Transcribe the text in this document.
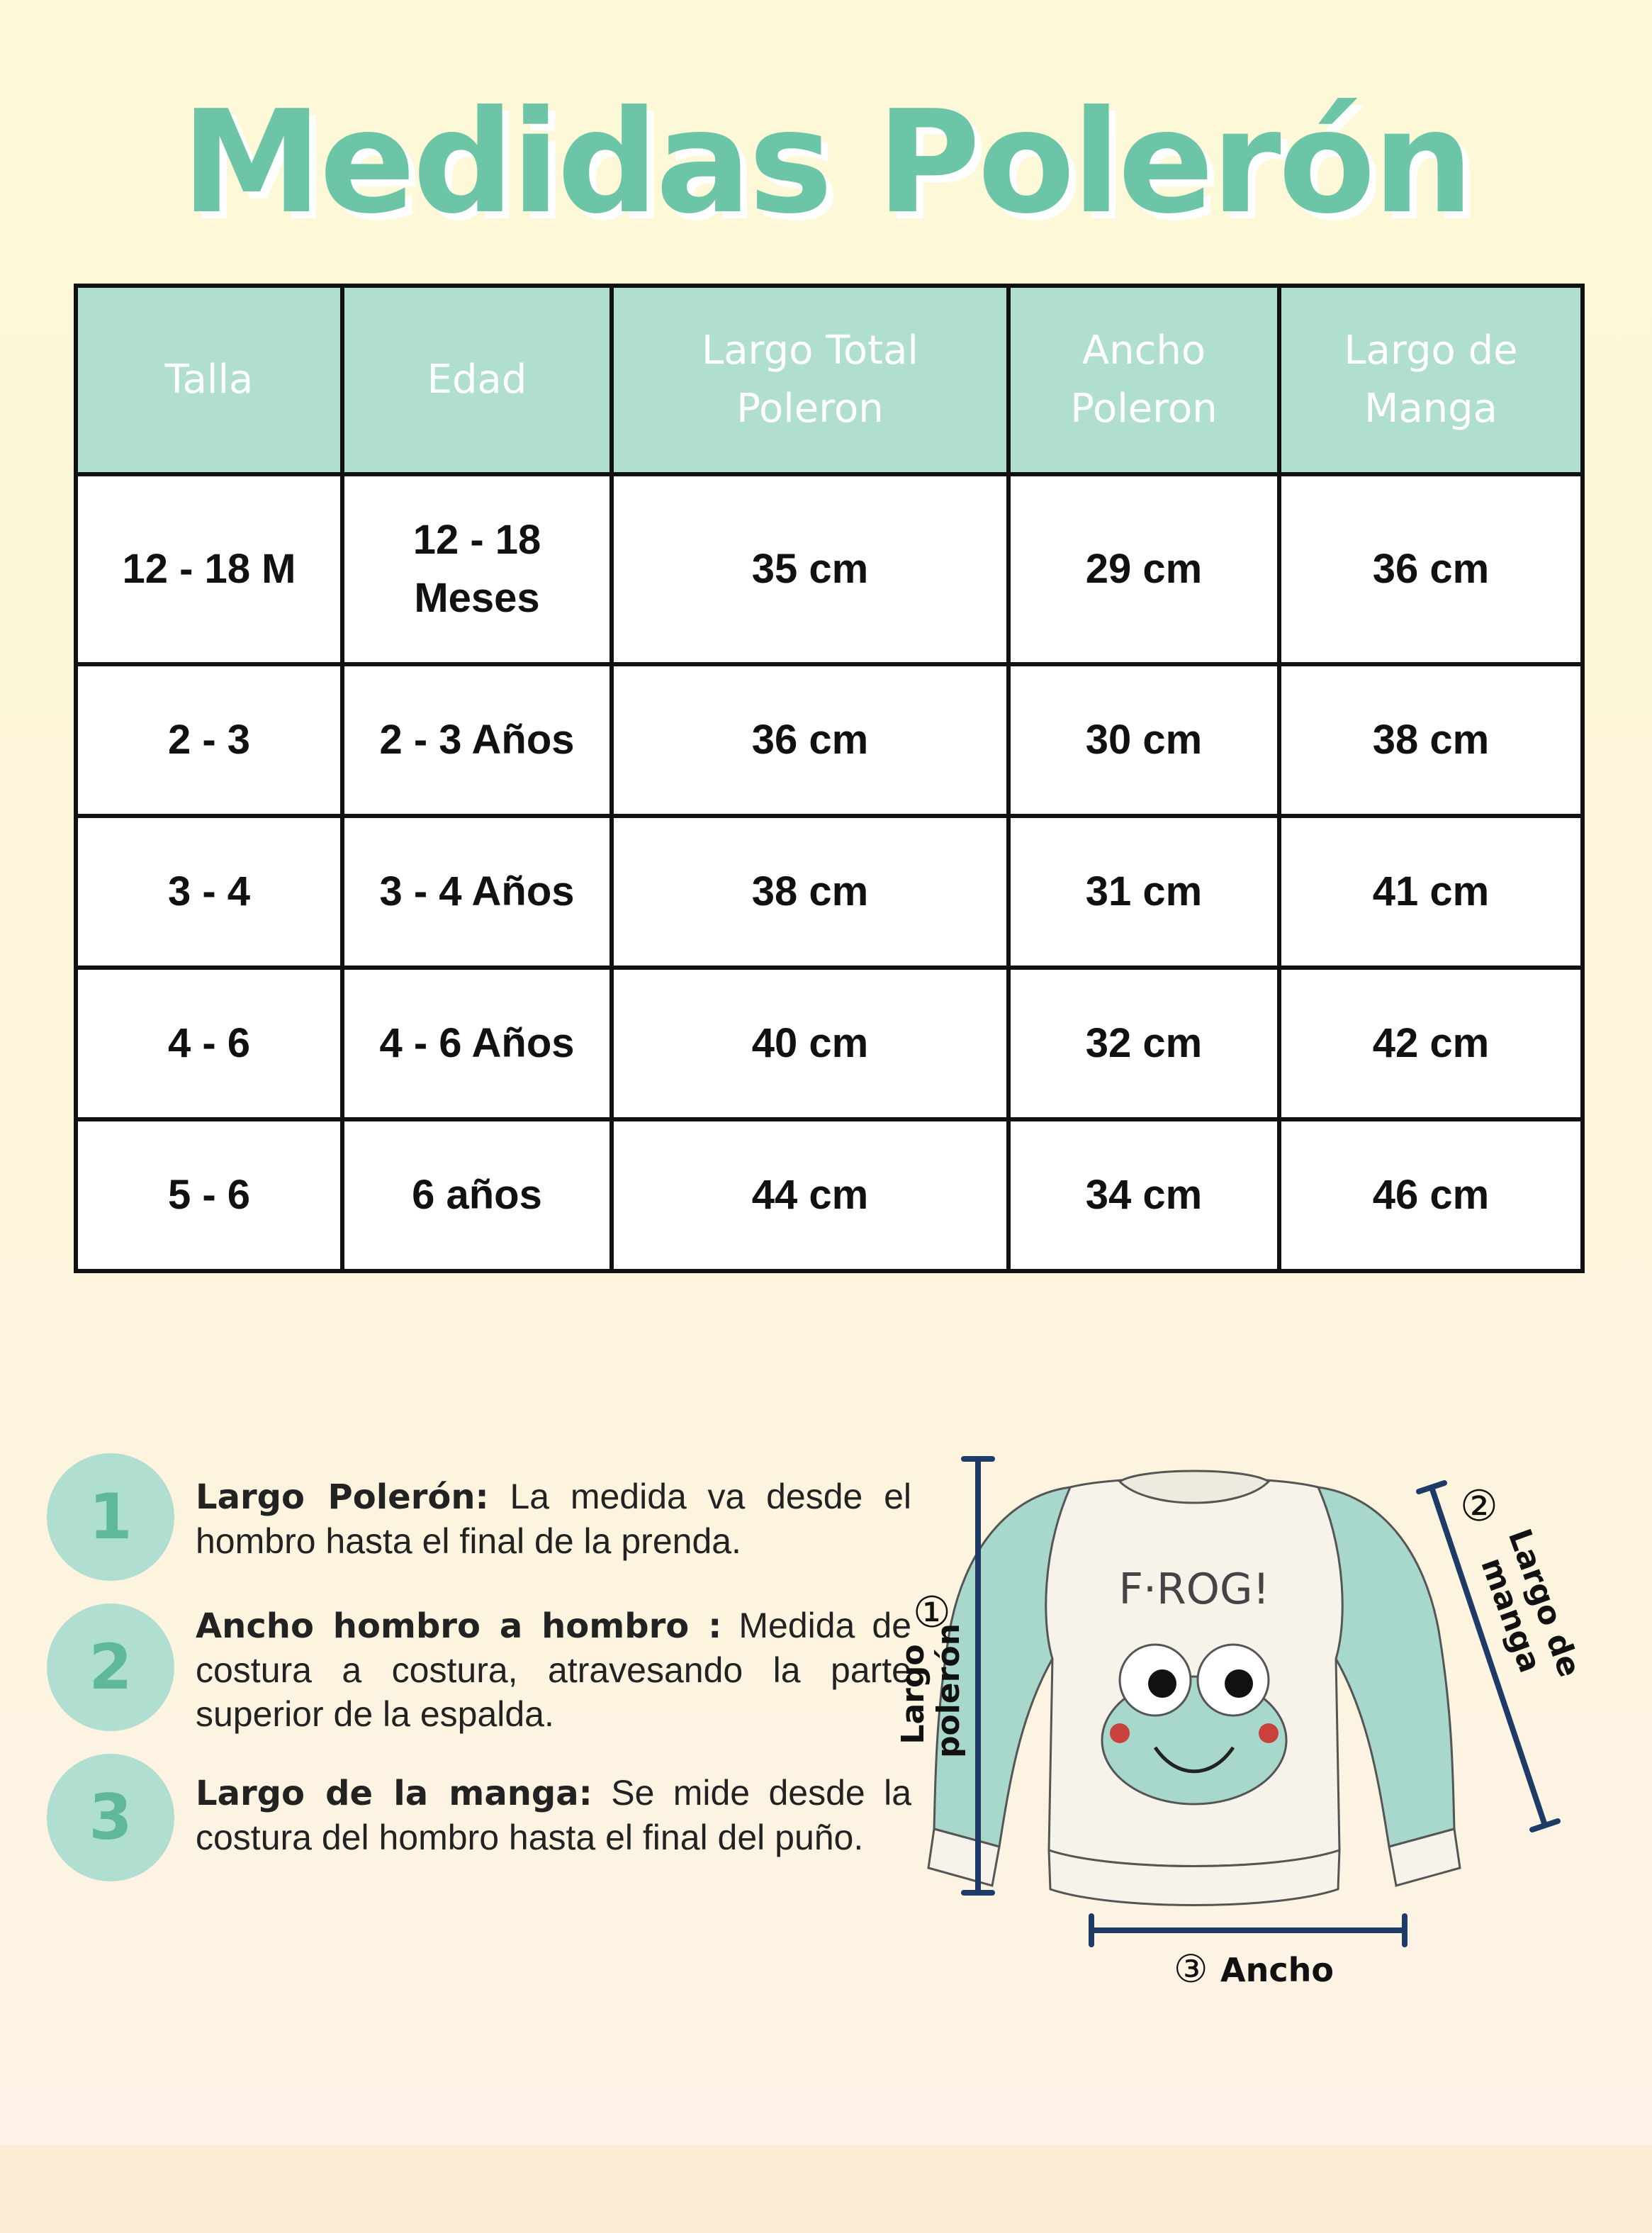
Medidas Polerón
Talla	Edad	Largo Total Poleron	Ancho Poleron	Largo de Manga
12 - 18 M	12 - 18 Meses	35 cm	29 cm	36 cm
2 - 3	2 - 3 Años	36 cm	30 cm	38 cm
3 - 4	3 - 4 Años	38 cm	31 cm	41 cm
4 - 6	4 - 6 Años	40 cm	32 cm	42 cm
5 - 6	6 años	44 cm	34 cm	46 cm
1	Largo Polerón: La medida va desde el hombro hasta el final de la prenda.
2
Ancho hombro a hombro : Medida de costura a costura, atravesando la parte superior de la espalda.
3	Largo de la manga: Se mide desde la costura del hombro hasta el final del puño.
F·ROG!
①
Largo polerón
②
Largo de manga
③ Ancho
